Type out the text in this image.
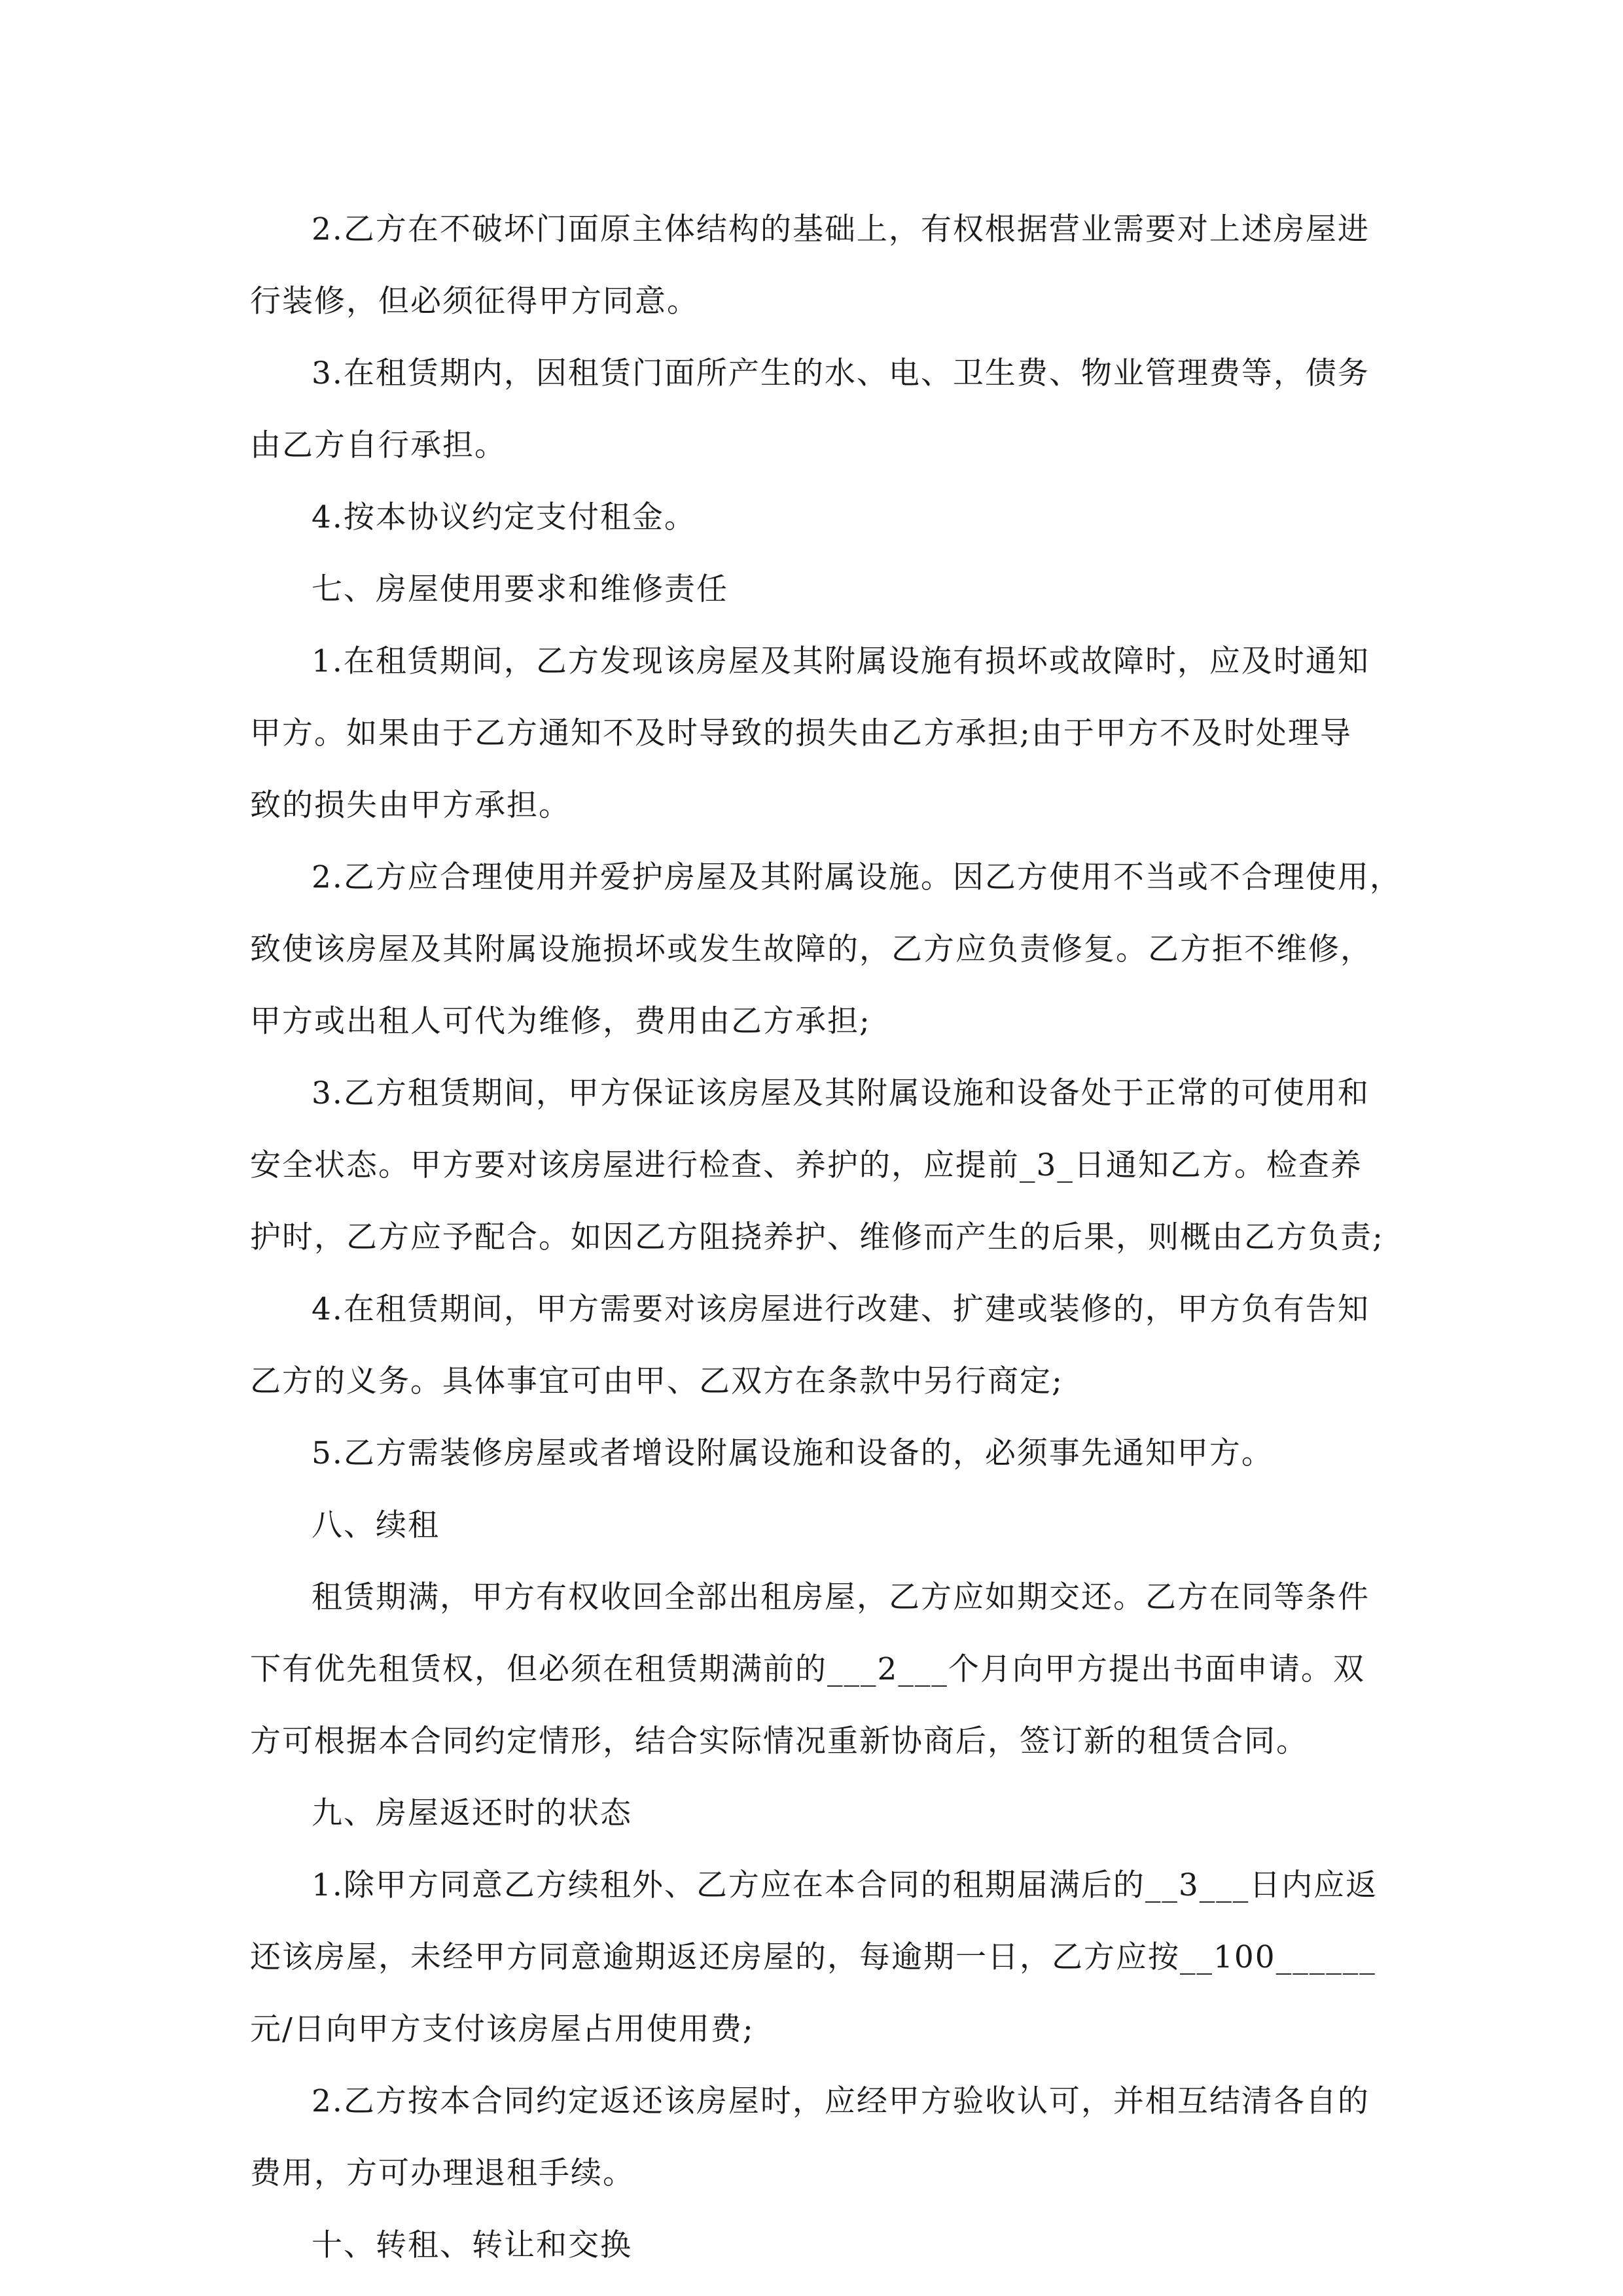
2.乙方在不破坏门面原主体结构的基础上，有权根据营业需要对上述房屋进
行装修，但必须征得甲方同意。

3.在租赁期内，因租赁门面所产生的水、电、卫生费、物业管理费等，债务
由乙方自行承担。

4.按本协议约定支付租金。

七、房屋使用要求和维修责任

1.在租赁期间，乙方发现该房屋及其附属设施有损坏或故障时，应及时通知
甲方。如果由于乙方通知不及时导致的损失由乙方承担;由于甲方不及时处理导
致的损失由甲方承担。

2.乙方应合理使用并爱护房屋及其附属设施。因乙方使用不当或不合理使用，
致使该房屋及其附属设施损坏或发生故障的，乙方应负责修复。乙方拒不维修，
甲方或出租人可代为维修，费用由乙方承担;

3.乙方租赁期间，甲方保证该房屋及其附属设施和设备处于正常的可使用和
安全状态。甲方要对该房屋进行检查、养护的，应提前_3_日通知乙方。检查养
护时，乙方应予配合。如因乙方阻挠养护、维修而产生的后果，则概由乙方负责;

4.在租赁期间，甲方需要对该房屋进行改建、扩建或装修的，甲方负有告知
乙方的义务。具体事宜可由甲、乙双方在条款中另行商定;

5.乙方需装修房屋或者增设附属设施和设备的，必须事先通知甲方。

八、续租

租赁期满，甲方有权收回全部出租房屋，乙方应如期交还。乙方在同等条件
下有优先租赁权，但必须在租赁期满前的___2___个月向甲方提出书面申请。双
方可根据本合同约定情形，结合实际情况重新协商后，签订新的租赁合同。

九、房屋返还时的状态

1.除甲方同意乙方续租外、乙方应在本合同的租期届满后的__3___日内应返
还该房屋，未经甲方同意逾期返还房屋的，每逾期一日，乙方应按__100______
元/日向甲方支付该房屋占用使用费;

2.乙方按本合同约定返还该房屋时，应经甲方验收认可，并相互结清各自的
费用，方可办理退租手续。

十、转租、转让和交换
